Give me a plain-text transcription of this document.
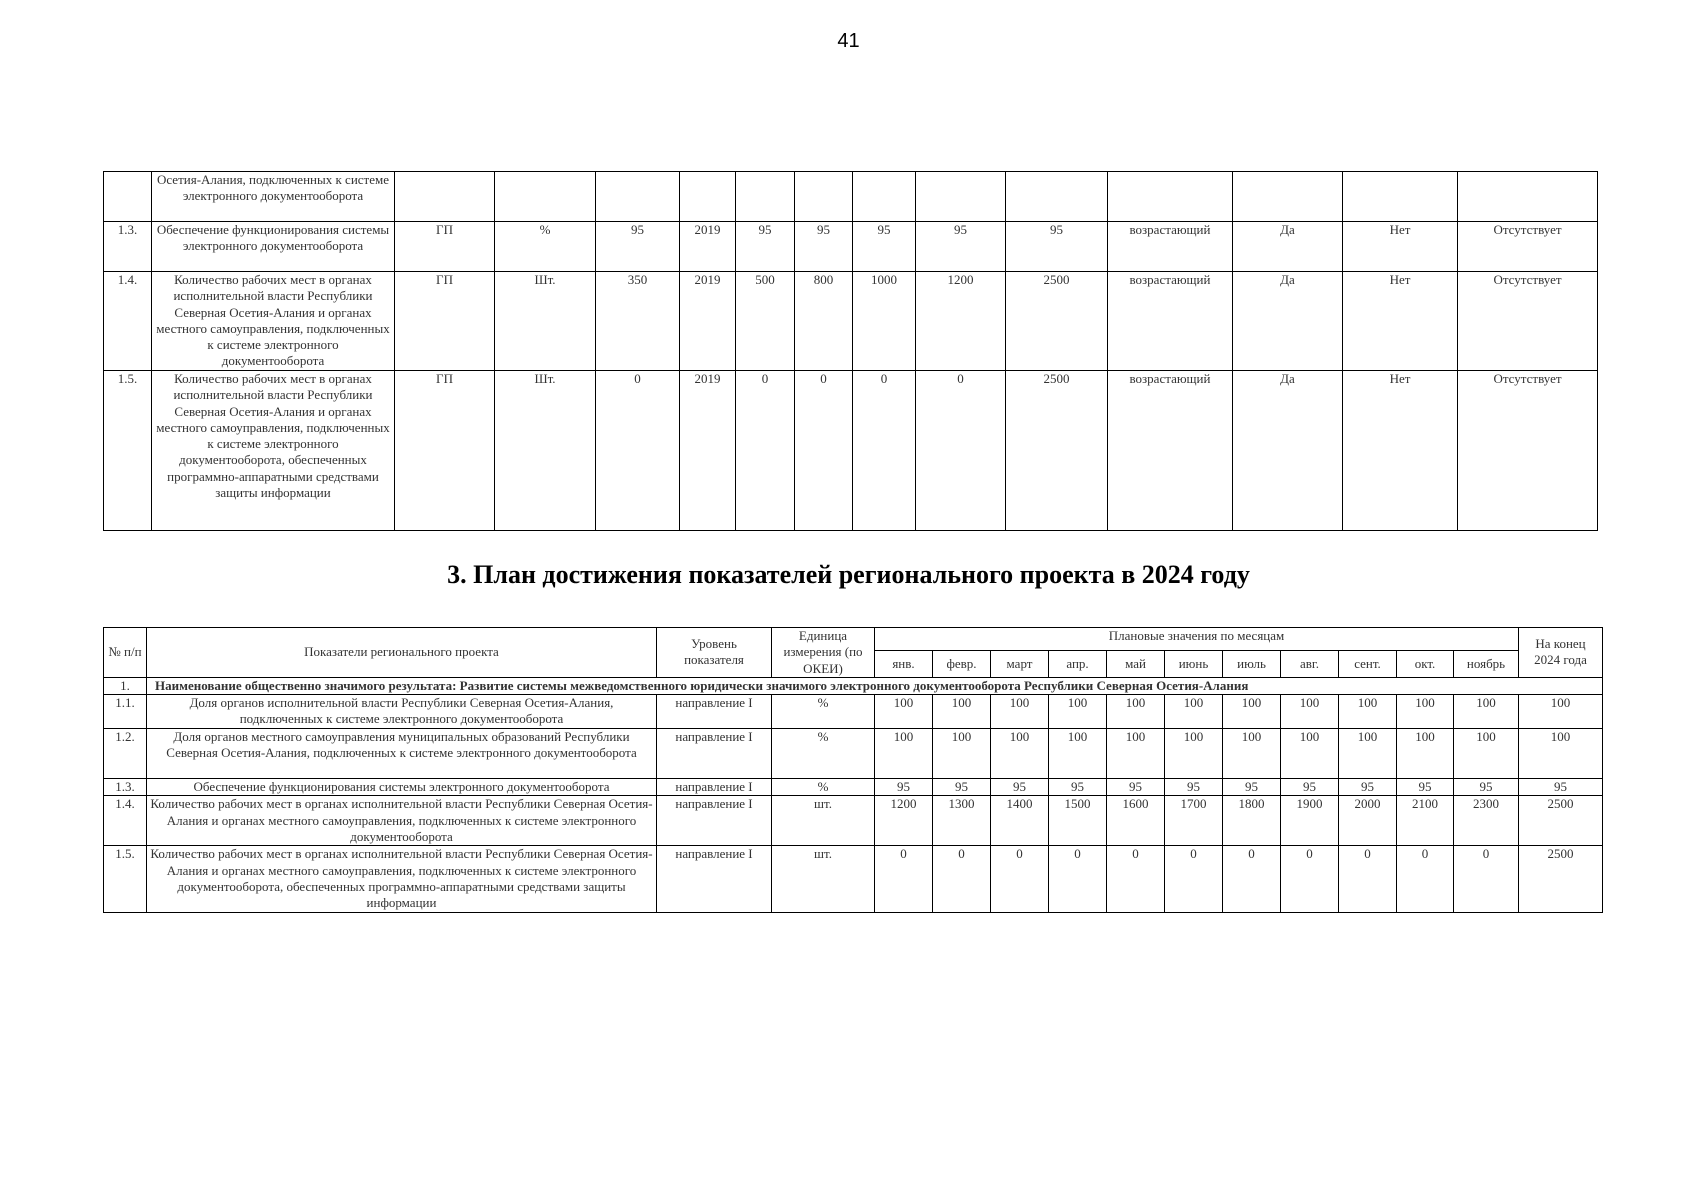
41
	Осетия-Алания, подключенных к системе электронного документооборота													
1.3.	Обеспечение функционирования системы электронного документооборота	ГП	%	95	2019	95	95	95	95	95	возрастающий	Да	Нет	Отсутствует
1.4.	Количество рабочих мест в органах исполнительной власти Республики Северная Осетия-Алания и органах местного самоуправления, подключенных к системе электронного документооборота	ГП	Шт.	350	2019	500	800	1000	1200	2500	возрастающий	Да	Нет	Отсутствует
1.5.	Количество рабочих мест в органах исполнительной власти Республики Северная Осетия-Алания и органах местного самоуправления, подключенных к системе электронного документооборота, обеспеченных программно-аппаратными средствами защиты информации	ГП	Шт.	0	2019	0	0	0	0	2500	возрастающий	Да	Нет	Отсутствует
3. План достижения показателей регионального проекта в 2024 году
№ п/п	Показатели регионального проекта	Уровень показателя	Единица измерения (по ОКЕИ)	Плановые значения по месяцам											На конец 2024 года
				янв.	февр.	март	апр.	май	июнь	июль	авг.	сент.	окт.	ноябрь	
1.	Наименование общественно значимого результата: Развитие системы межведомственного юридически значимого электронного документооборота Республики Северная Осетия-Алания														
1.1.	Доля органов исполнительной власти Республики Северная Осетия-Алания, подключенных к системе электронного документооборота	направление I	%	100	100	100	100	100	100	100	100	100	100	100	100
1.2.	Доля органов местного самоуправления муниципальных образований Республики Северная Осетия-Алания, подключенных к системе электронного документооборота	направление I	%	100	100	100	100	100	100	100	100	100	100	100	100
1.3.	Обеспечение функционирования системы электронного документооборота	направление I	%	95	95	95	95	95	95	95	95	95	95	95	95
1.4.	Количество рабочих мест в органах исполнительной власти Республики Северная Осетия-Алания и органах местного самоуправления, подключенных к системе электронного документооборота	направление I	шт.	1200	1300	1400	1500	1600	1700	1800	1900	2000	2100	2300	2500
1.5.	Количество рабочих мест в органах исполнительной власти Республики Северная Осетия-Алания и органах местного самоуправления, подключенных к системе электронного документооборота, обеспеченных программно-аппаратными средствами защиты информации	направление I	шт.	0	0	0	0	0	0	0	0	0	0	0	2500
